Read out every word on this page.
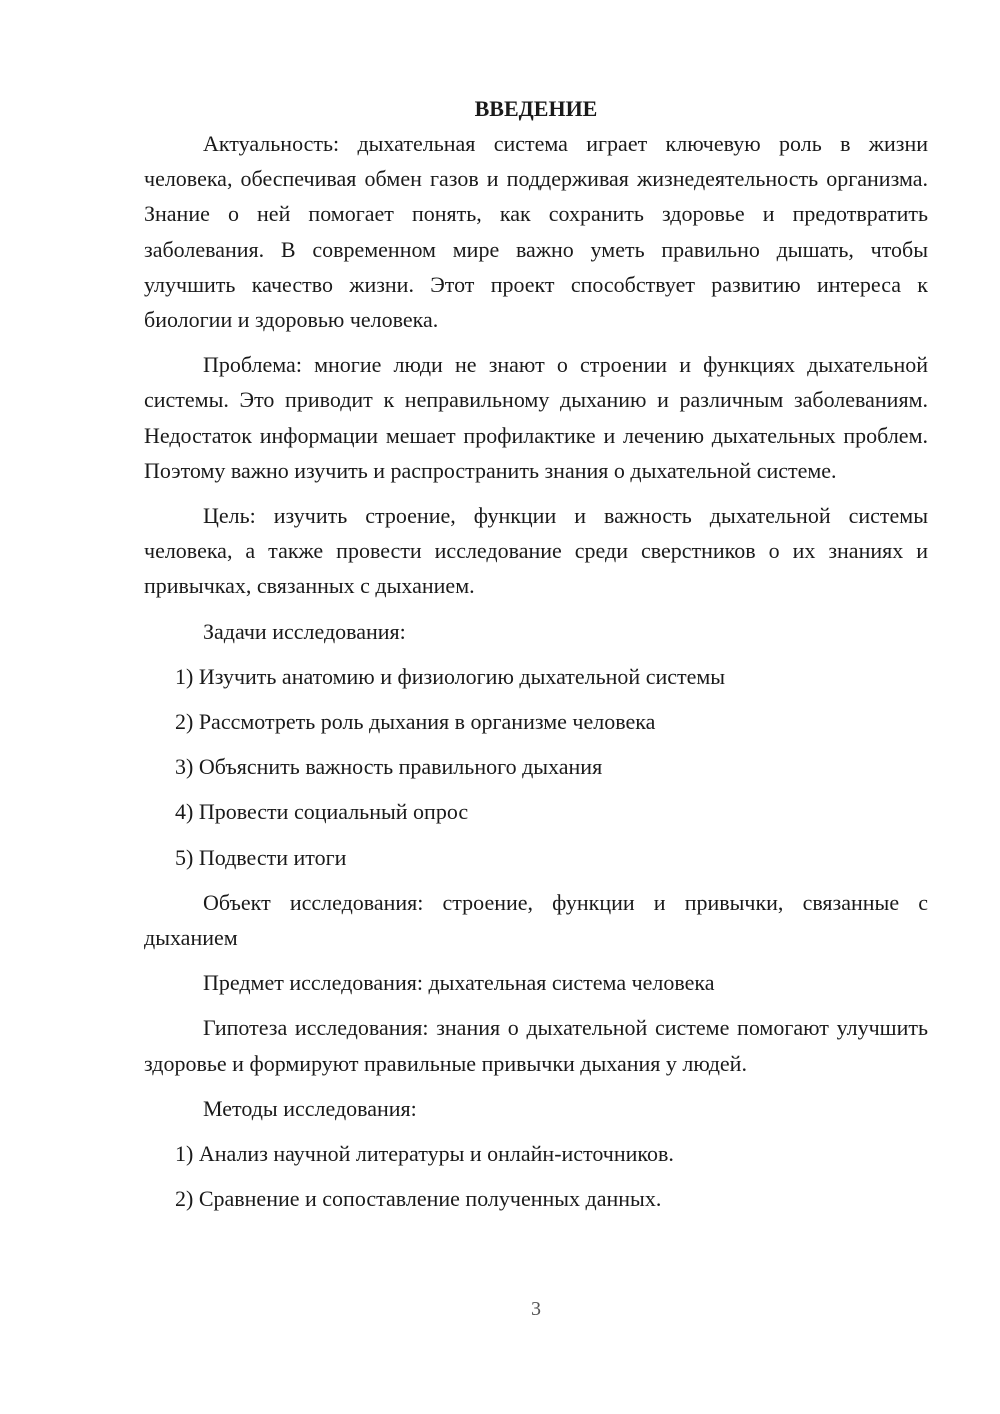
ВВЕДЕНИЕ

Актуальность: дыхательная система играет ключевую роль в жизни человека, обеспечивая обмен газов и поддерживая жизнедеятельность организма. Знание о ней помогает понять, как сохранить здоровье и предотвратить заболевания. В современном мире важно уметь правильно дышать, чтобы улучшить качество жизни. Этот проект способствует развитию интереса к биологии и здоровью человека.

Проблема: многие люди не знают о строении и функциях дыхательной системы. Это приводит к неправильному дыханию и различным заболеваниям. Недостаток информации мешает профилактике и лечению дыхательных проблем. Поэтому важно изучить и распространить знания о дыхательной системе.

Цель: изучить строение, функции и важность дыхательной системы человека, а также провести исследование среди сверстников о их знаниях и привычках, связанных с дыханием.

Задачи исследования:

1) Изучить анатомию и физиологию дыхательной системы
2) Рассмотреть роль дыхания в организме человека
3) Объяснить важность правильного дыхания
4) Провести социальный опрос
5) Подвести итоги

Объект исследования: строение, функции и привычки, связанные с дыханием

Предмет исследования: дыхательная система человека

Гипотеза исследования: знания о дыхательной системе помогают улучшить здоровье и формируют правильные привычки дыхания у людей.

Методы исследования:

1) Анализ научной литературы и онлайн-источников.
2) Сравнение и сопоставление полученных данных.
3
